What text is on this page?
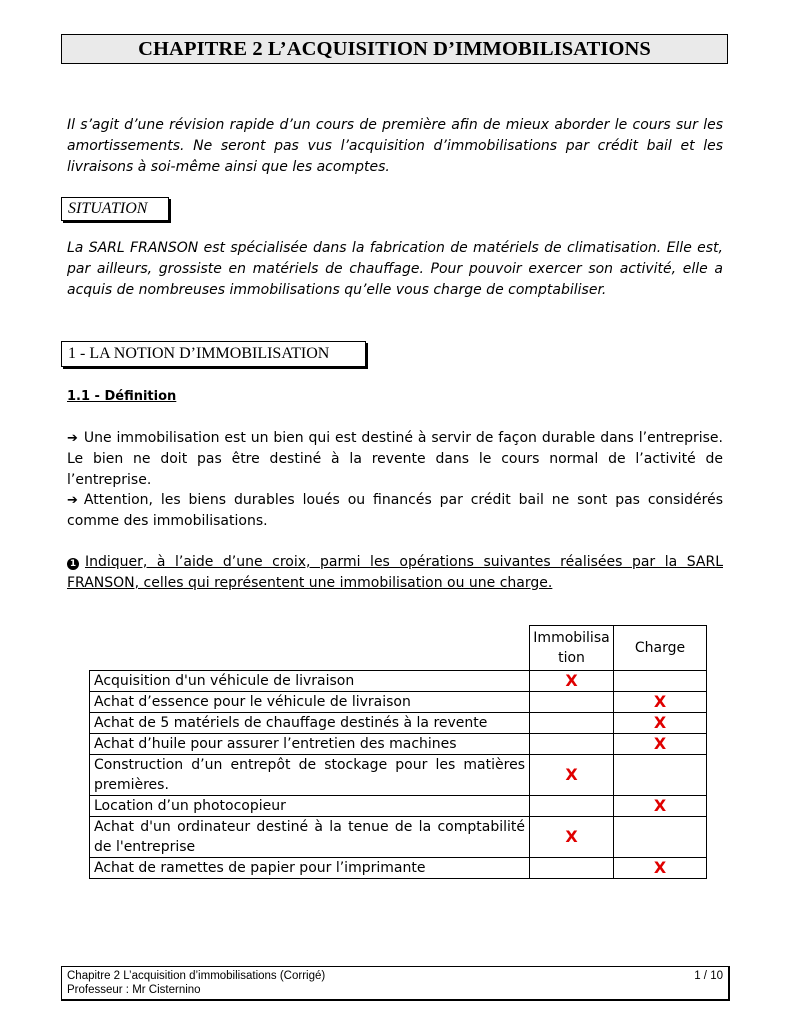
CHAPITRE 2 L’ACQUISITION D’IMMOBILISATIONS

Il s’agit d’une révision rapide d’un cours de première afin de mieux aborder le cours sur les amortissements. Ne seront pas vus l’acquisition d’immobilisations par crédit bail et les livraisons à soi-même ainsi que les acomptes.

SITUATION

La SARL FRANSON est spécialisée dans la fabrication de matériels de climatisation. Elle est, par ailleurs, grossiste en matériels de chauffage. Pour pouvoir exercer son activité, elle a acquis de nombreuses immobilisations qu’elle vous charge de comptabiliser.

1 - LA NOTION D’IMMOBILISATION

1.1 - Définition

➔ Une immobilisation est un bien qui est destiné à servir de façon durable dans l’entreprise. Le bien ne doit pas être destiné à la revente dans le cours normal de l’activité de l’entreprise.

➔ Attention, les biens durables loués ou financés par crédit bail ne sont pas considérés comme des immobilisations.

1 Indiquer, à l’aide d’une croix, parmi les opérations suivantes réalisées par la SARL FRANSON, celles qui représentent une immobilisation ou une charge.

	Immobilisa tion	Charge
Acquisition d'un véhicule de livraison	X	
Achat d’essence pour le véhicule de livraison		X
Achat de 5 matériels de chauffage destinés à la revente		X
Achat d’huile pour assurer l’entretien des machines		X
Construction d’un entrepôt de stockage pour les matières premières.	X	
Location d’un photocopieur		X
Achat d'un ordinateur destiné à la tenue de la comptabilité de l'entreprise	X	
Achat de ramettes de papier pour l’imprimante		X
Chapitre 2 L’acquisition d’immobilisations (Corrigé)	1 / 10
Professeur : Mr Cisternino
